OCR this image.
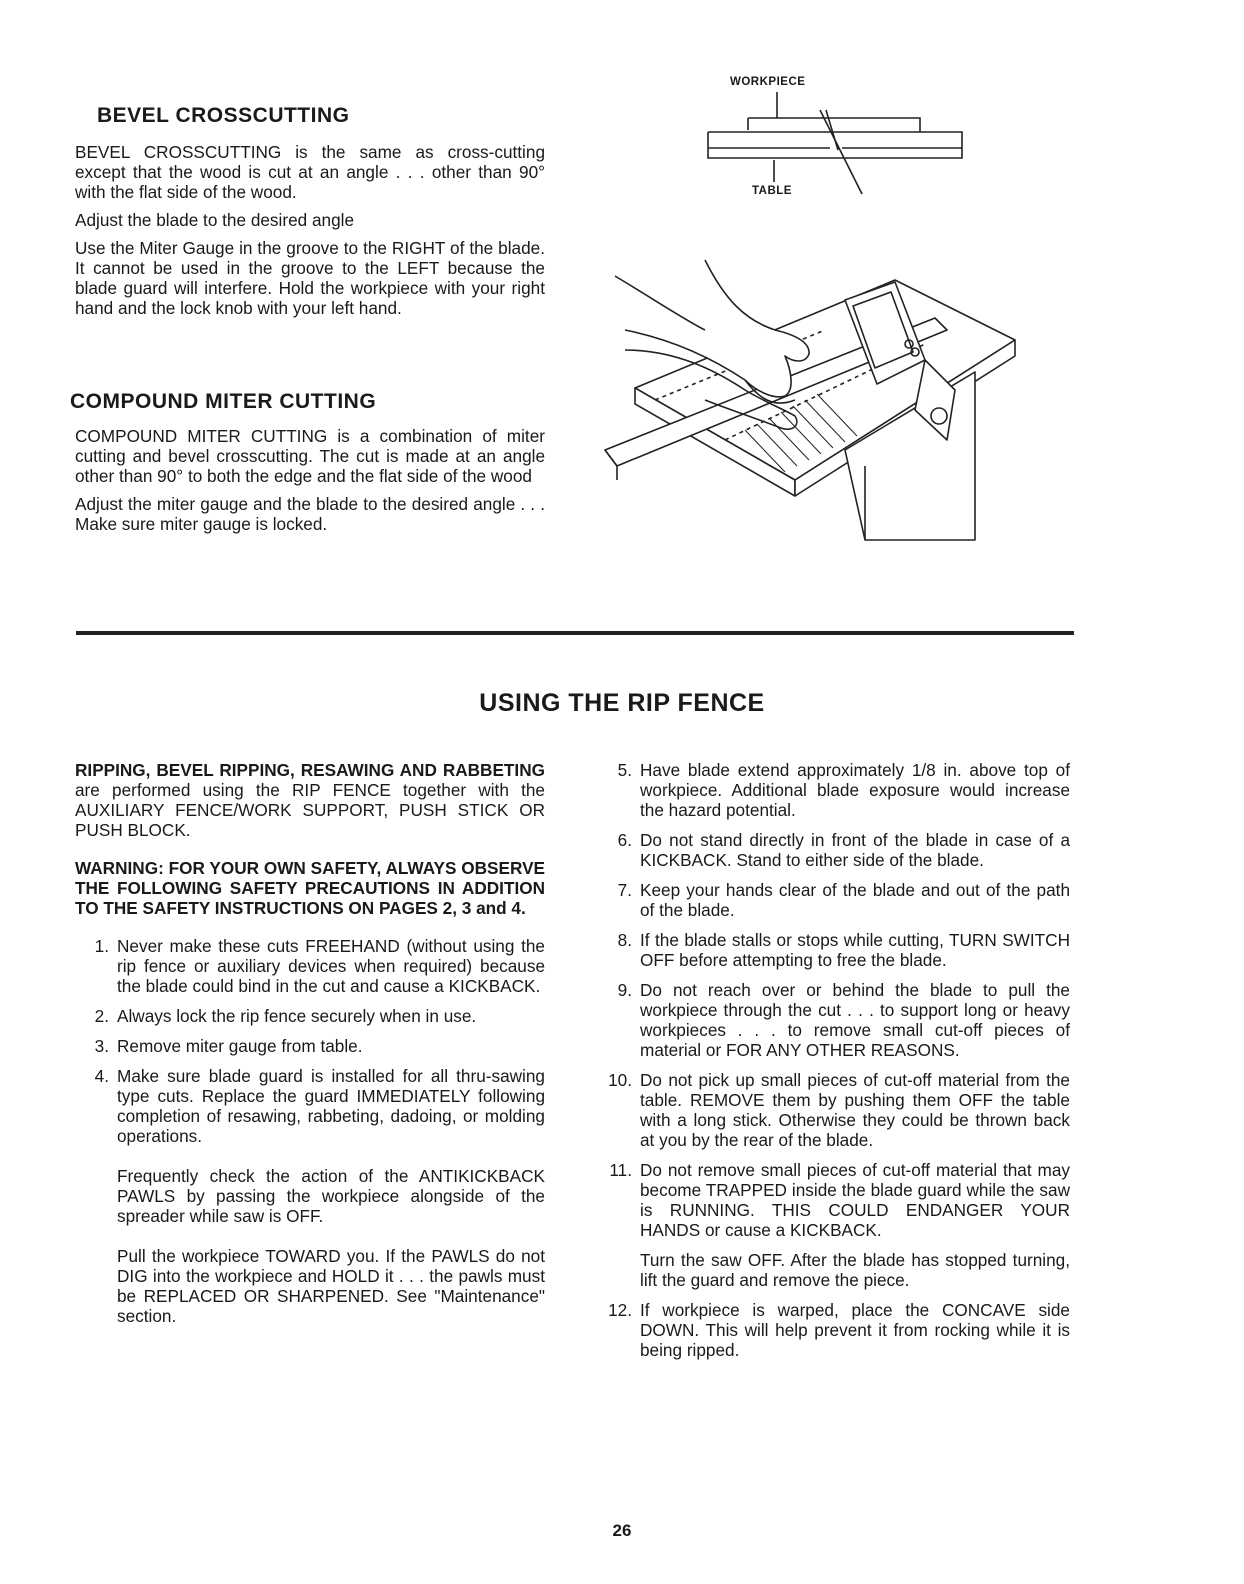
BEVEL CROSSCUTTING

BEVEL CROSSCUTTING is the same as cross-cutting except that the wood is cut at an angle . . . other than 90° with the flat side of the wood.

Adjust the blade to the desired angle

Use the Miter Gauge in the groove to the RIGHT of the blade. It cannot be used in the groove to the LEFT because the blade guard will interfere. Hold the workpiece with your right hand and the lock knob with your left hand.

COMPOUND MITER CUTTING

COMPOUND MITER CUTTING is a combination of miter cutting and bevel crosscutting. The cut is made at an angle other than 90° to both the edge and the flat side of the wood

Adjust the miter gauge and the blade to the desired angle . . . Make sure miter gauge is locked.

WORKPIECE
TABLE
USING THE RIP FENCE

RIPPING, BEVEL RIPPING, RESAWING AND RABBETING are performed using the RIP FENCE together with the AUXILIARY FENCE/WORK SUPPORT, PUSH STICK OR PUSH BLOCK.

WARNING: FOR YOUR OWN SAFETY, ALWAYS OBSERVE THE FOLLOWING SAFETY PRECAUTIONS IN ADDITION TO THE SAFETY INSTRUCTIONS ON PAGES 2, 3 and 4.

1. Never make these cuts FREEHAND (without using the rip fence or auxiliary devices when required) because the blade could bind in the cut and cause a KICKBACK.
2. Always lock the rip fence securely when in use.
3. Remove miter gauge from table.
4. Make sure blade guard is installed for all thru-sawing type cuts. Replace the guard IMMEDIATELY following completion of resawing, rabbeting, dadoing, or molding operations.

Frequently check the action of the ANTIKICKBACK PAWLS by passing the workpiece alongside of the spreader while saw is OFF.

Pull the workpiece TOWARD you. If the PAWLS do not DIG into the workpiece and HOLD it . . . the pawls must be REPLACED OR SHARPENED. See "Maintenance" section.

5. Have blade extend approximately 1/8 in. above top of workpiece. Additional blade exposure would increase the hazard potential.
6. Do not stand directly in front of the blade in case of a KICKBACK. Stand to either side of the blade.
7. Keep your hands clear of the blade and out of the path of the blade.
8. If the blade stalls or stops while cutting, TURN SWITCH OFF before attempting to free the blade.
9. Do not reach over or behind the blade to pull the workpiece through the cut . . . to support long or heavy workpieces . . . to remove small cut-off pieces of material or FOR ANY OTHER REASONS.
10. Do not pick up small pieces of cut-off material from the table. REMOVE them by pushing them OFF the table with a long stick. Otherwise they could be thrown back at you by the rear of the blade.
11. Do not remove small pieces of cut-off material that may become TRAPPED inside the blade guard while the saw is RUNNING. THIS COULD ENDANGER YOUR HANDS or cause a KICKBACK.

Turn the saw OFF. After the blade has stopped turning, lift the guard and remove the piece.

12. If workpiece is warped, place the CONCAVE side DOWN. This will help prevent it from rocking while it is being ripped.
26
